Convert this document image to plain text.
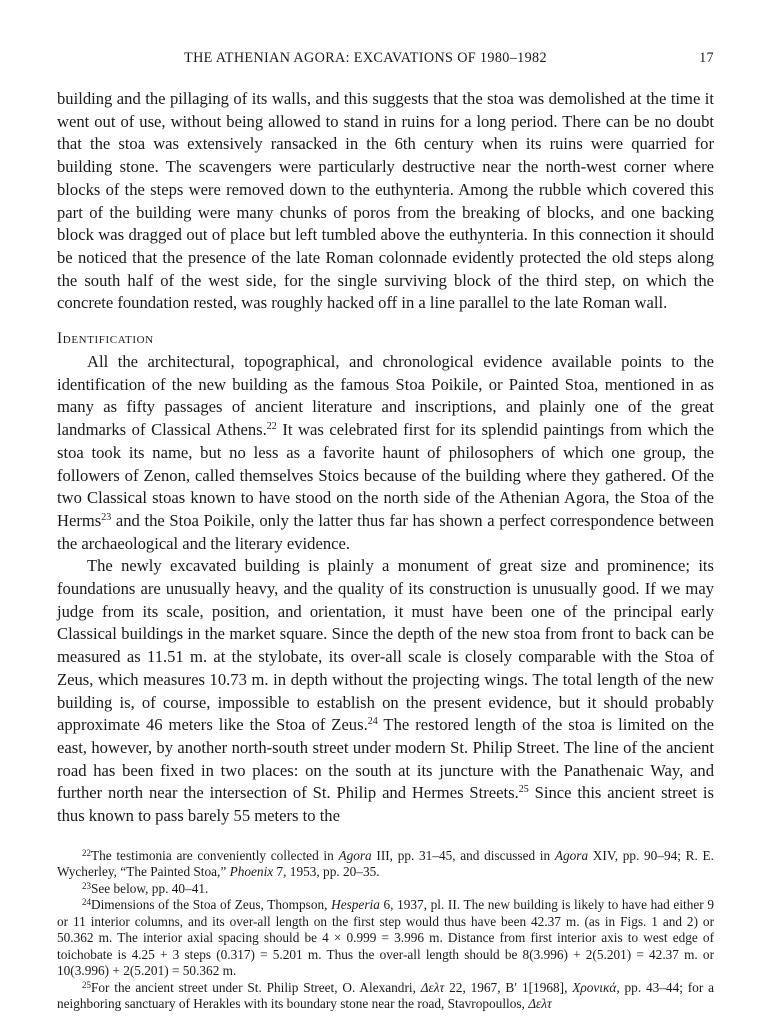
THE ATHENIAN AGORA: EXCAVATIONS OF 1980–1982	17

building and the pillaging of its walls, and this suggests that the stoa was demolished at the time it went out of use, without being allowed to stand in ruins for a long period. There can be no doubt that the stoa was extensively ransacked in the 6th century when its ruins were quarried for building stone. The scavengers were particularly destructive near the north-west corner where blocks of the steps were removed down to the euthynteria. Among the rubble which covered this part of the building were many chunks of poros from the breaking of blocks, and one backing block was dragged out of place but left tumbled above the euthynteria. In this connection it should be noticed that the presence of the late Roman colonnade evidently protected the old steps along the south half of the west side, for the single surviving block of the third step, on which the concrete foundation rested, was roughly hacked off in a line parallel to the late Roman wall.

Identification

All the architectural, topographical, and chronological evidence available points to the identification of the new building as the famous Stoa Poikile, or Painted Stoa, mentioned in as many as fifty passages of ancient literature and inscriptions, and plainly one of the great landmarks of Classical Athens.$^{22}$ It was celebrated first for its splendid paintings from which the stoa took its name, but no less as a favorite haunt of philosophers of which one group, the followers of Zenon, called themselves Stoics because of the building where they gathered. Of the two Classical stoas known to have stood on the north side of the Athenian Agora, the Stoa of the Herms$^{23}$ and the Stoa Poikile, only the latter thus far has shown a perfect correspondence between the archaeological and the literary evidence.

The newly excavated building is plainly a monument of great size and prominence; its foundations are unusually heavy, and the quality of its construction is unusually good. If we may judge from its scale, position, and orientation, it must have been one of the principal early Classical buildings in the market square. Since the depth of the new stoa from front to back can be measured as 11.51 m. at the stylobate, its over-all scale is closely comparable with the Stoa of Zeus, which measures 10.73 m. in depth without the projecting wings. The total length of the new building is, of course, impossible to establish on the present evidence, but it should probably approximate 46 meters like the Stoa of Zeus.$^{24}$ The restored length of the stoa is limited on the east, however, by another north-south street under modern St. Philip Street. The line of the ancient road has been fixed in two places: on the south at its juncture with the Panathenaic Way, and further north near the intersection of St. Philip and Hermes Streets.$^{25}$ Since this ancient street is thus known to pass barely 55 meters to the

$^{22}$The testimonia are conveniently collected in Agora III, pp. 31–45, and discussed in Agora XIV, pp. 90–94; R. E. Wycherley, “The Painted Stoa,” Phoenix 7, 1953, pp. 20–35.

$^{23}$See below, pp. 40–41.

$^{24}$Dimensions of the Stoa of Zeus, Thompson, Hesperia 6, 1937, pl. II. The new building is likely to have had either 9 or 11 interior columns, and its over-all length on the first step would thus have been 42.37 m. (as in Figs. 1 and 2) or 50.362 m. The interior axial spacing should be 4 × 0.999 = 3.996 m. Distance from first interior axis to west edge of toichobate is 4.25 + 3 steps (0.317) = 5.201 m. Thus the over-all length should be 8(3.996) + 2(5.201) = 42.37 m. or 10(3.996) + 2(5.201) = 50.362 m.

$^{25}$For the ancient street under St. Philip Street, O. Alexandri, Δελτ 22, 1967, B′ 1[1968], Χρονικά, pp. 43–44; for a neighboring sanctuary of Herakles with its boundary stone near the road, Stavropoullos, Δελτ
